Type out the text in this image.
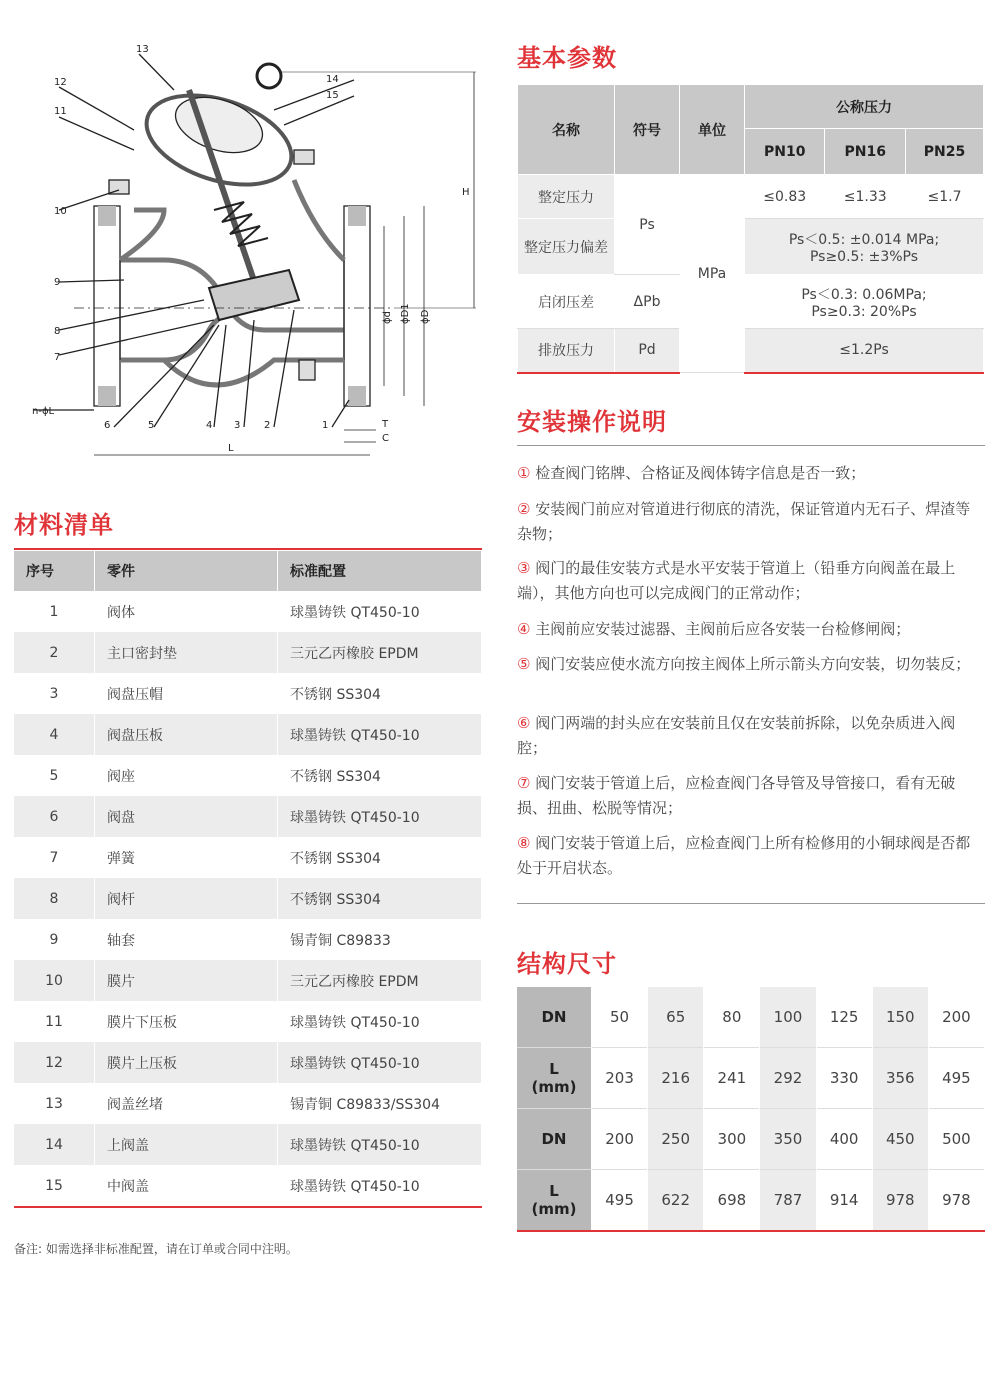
12
11
13
14
15
10
9
8
7
n-ϕL
6	5	4 3 2	1
H
L
T
C
ϕd ϕD1 ϕD
材料清单
序号	零件	标准配置
1	阀体	球墨铸铁 QT450-10
2	主口密封垫	三元乙丙橡胶 EPDM
3	阀盘压帽	不锈钢 SS304
4	阀盘压板	球墨铸铁 QT450-10
5	阀座	不锈钢 SS304
6	阀盘	球墨铸铁 QT450-10
7	弹簧	不锈钢 SS304
8	阀杆	不锈钢 SS304
9	轴套	锡青铜 C89833
10	膜片	三元乙丙橡胶 EPDM
11	膜片下压板	球墨铸铁 QT450-10
12	膜片上压板	球墨铸铁 QT450-10
13	阀盖丝堵	锡青铜 C89833/SS304
14	上阀盖	球墨铸铁 QT450-10
15	中阀盖	球墨铸铁 QT450-10
备注: 如需选择非标准配置，请在订单或合同中注明。
基本参数
名称	符号	单位	公称压力		
			PN10	PN16	PN25
整定压力	Ps	MPa	≤0.83	≤1.33	≤1.7
整定压力偏差			Ps＜0.5: ±0.014 MPa;
Ps≥0.5: ±3%Ps		

启闭压差	ΔPb		Ps＜0.3: 0.06MPa;
Ps≥0.3: 20%Ps		

排放压力	Pd		≤1.2Ps		
安装操作说明
① 检查阀门铭牌、合格证及阀体铸字信息是否一致；
② 安装阀门前应对管道进行彻底的清洗，保证管道内无石子、焊渣等杂物；
③ 阀门的最佳安装方式是水平安装于管道上（铅垂方向阀盖在最上端），其他方向也可以完成阀门的正常动作；
④ 主阀前应安装过滤器、主阀前后应各安装一台检修闸阀；
⑤ 阀门安装应使水流方向按主阀体上所示箭头方向安装，切勿装反；
⑥ 阀门两端的封头应在安装前且仅在安装前拆除，以免杂质进入阀腔；
⑦ 阀门安装于管道上后，应检查阀门各导管及导管接口，看有无破损、扭曲、松脱等情况；
⑧ 阀门安装于管道上后，应检查阀门上所有检修用的小铜球阀是否都处于开启状态。
结构尺寸
DN	50	65	80	100	125	150	200

L
(mm)	203	216	241	292	330	356	495
DN	200	250	300	350	400	450	500

L
(mm)	495	622	698	787	914	978	978
